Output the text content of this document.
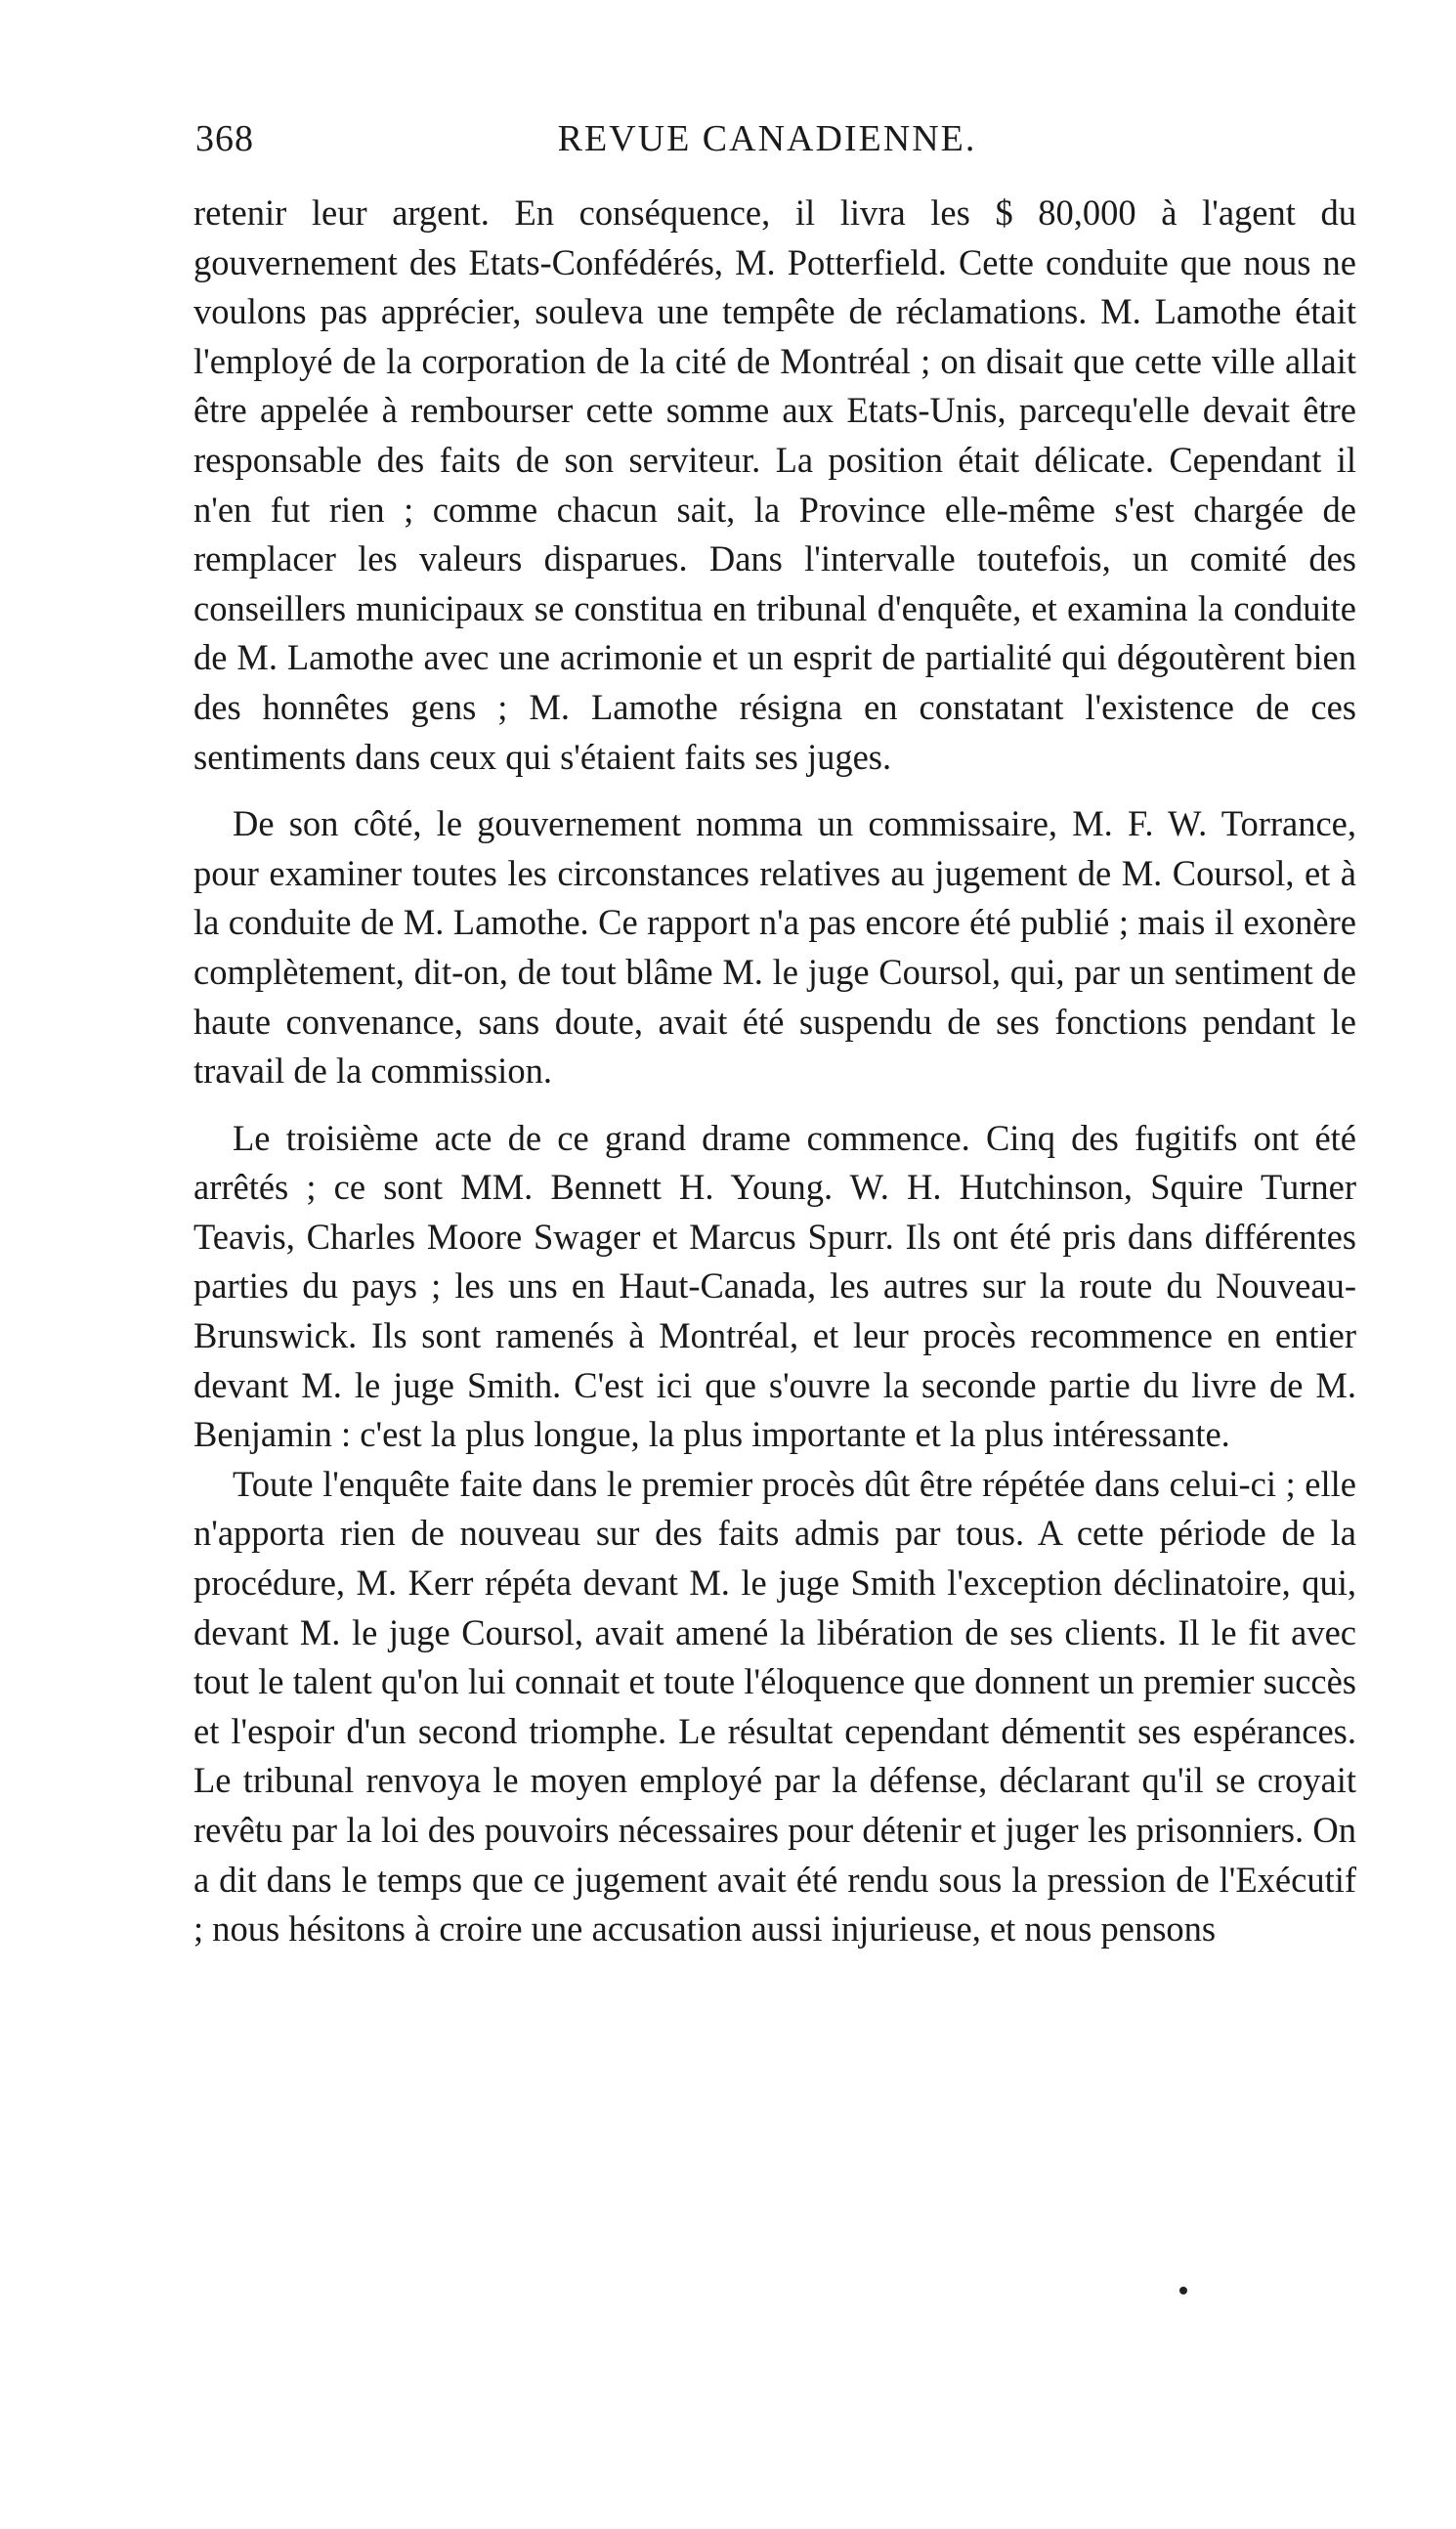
368	REVUE CANADIENNE.

retenir leur argent. En conséquence, il livra les $ 80,000 à l'agent du gouvernement des Etats-Confédérés, M. Potterfield. Cette conduite que nous ne voulons pas apprécier, souleva une tempête de réclamations. M. Lamothe était l'employé de la corporation de la cité de Montréal ; on disait que cette ville allait être appelée à rembourser cette somme aux Etats-Unis, parcequ'elle devait être responsable des faits de son serviteur. La position était délicate. Cependant il n'en fut rien ; comme chacun sait, la Province elle-même s'est chargée de remplacer les valeurs disparues. Dans l'intervalle toutefois, un comité des conseillers municipaux se constitua en tribunal d'enquête, et examina la conduite de M. Lamothe avec une acrimonie et un esprit de partialité qui dégoutèrent bien des honnêtes gens ; M. Lamothe résigna en constatant l'existence de ces sentiments dans ceux qui s'étaient faits ses juges.

De son côté, le gouvernement nomma un commissaire, M. F. W. Torrance, pour examiner toutes les circonstances relatives au jugement de M. Coursol, et à la conduite de M. Lamothe. Ce rapport n'a pas encore été publié ; mais il exonère complètement, dit-on, de tout blâme M. le juge Coursol, qui, par un sentiment de haute convenance, sans doute, avait été suspendu de ses fonctions pendant le travail de la commission.

Le troisième acte de ce grand drame commence. Cinq des fugitifs ont été arrêtés ; ce sont MM. Bennett H. Young. W. H. Hutchinson, Squire Turner Teavis, Charles Moore Swager et Marcus Spurr. Ils ont été pris dans différentes parties du pays ; les uns en Haut-Canada, les autres sur la route du Nouveau-Brunswick. Ils sont ramenés à Montréal, et leur procès recommence en entier devant M. le juge Smith. C'est ici que s'ouvre la seconde partie du livre de M. Benjamin : c'est la plus longue, la plus importante et la plus intéressante.

Toute l'enquête faite dans le premier procès dût être répétée dans celui-ci ; elle n'apporta rien de nouveau sur des faits admis par tous. A cette période de la procédure, M. Kerr répéta devant M. le juge Smith l'exception déclinatoire, qui, devant M. le juge Coursol, avait amené la libération de ses clients. Il le fit avec tout le talent qu'on lui connait et toute l'éloquence que donnent un premier succès et l'espoir d'un second triomphe. Le résultat cependant démentit ses espérances. Le tribunal renvoya le moyen employé par la défense, déclarant qu'il se croyait revêtu par la loi des pouvoirs nécessaires pour détenir et juger les prisonniers. On a dit dans le temps que ce jugement avait été rendu sous la pression de l'Exécutif ; nous hésitons à croire une accusation aussi injurieuse, et nous pensons
